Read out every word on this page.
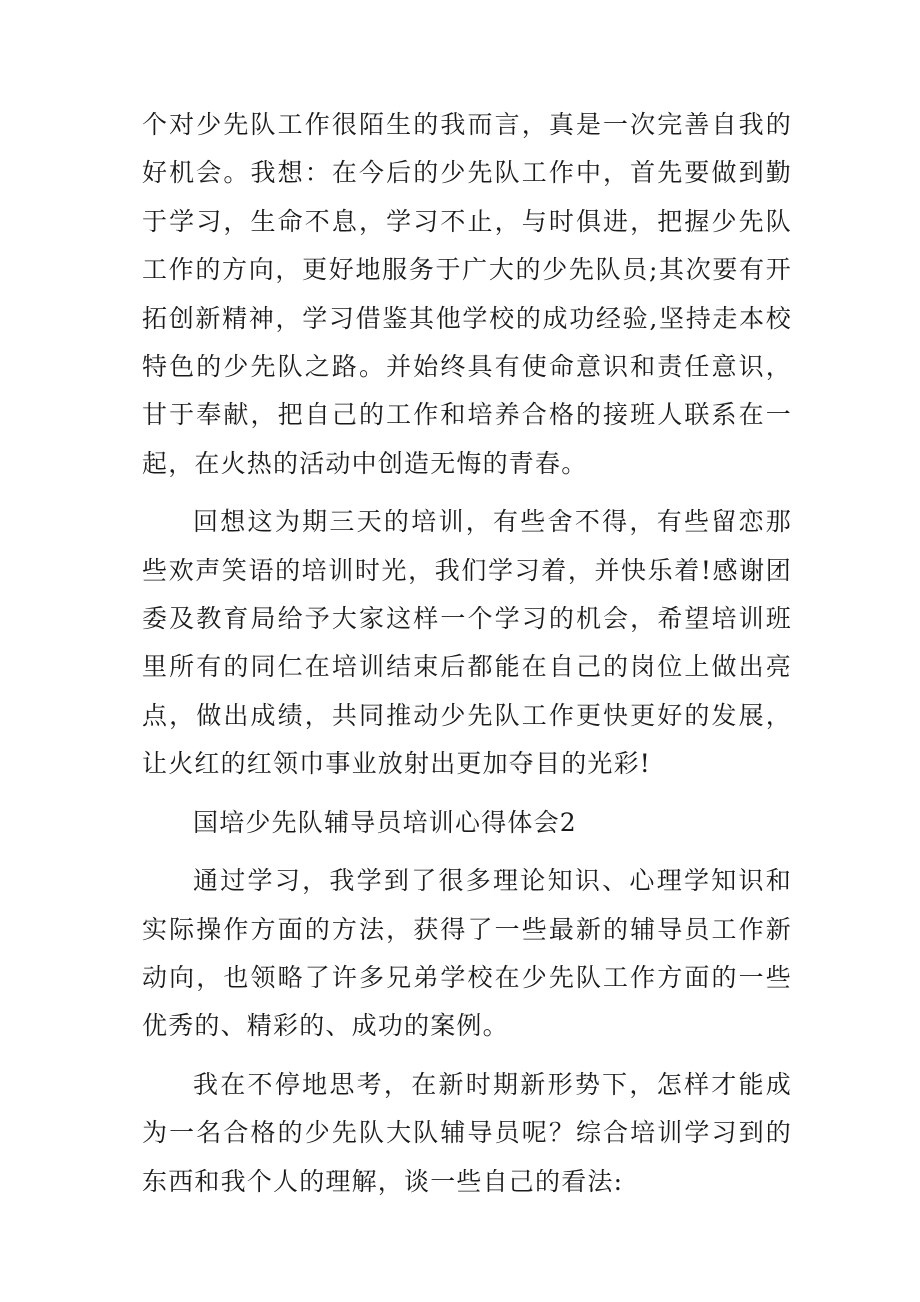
个对少先队工作很陌生的我而言，真是一次完善自我的好机会。我想：在今后的少先队工作中，首先要做到勤于学习，生命不息，学习不止，与时俱进，把握少先队工作的方向，更好地服务于广大的少先队员;其次要有开拓创新精神，学习借鉴其他学校的成功经验,坚持走本校特色的少先队之路。并始终具有使命意识和责任意识，甘于奉献，把自己的工作和培养合格的接班人联系在一起，在火热的活动中创造无悔的青春。

回想这为期三天的培训，有些舍不得，有些留恋那些欢声笑语的培训时光，我们学习着，并快乐着!感谢团委及教育局给予大家这样一个学习的机会，希望培训班里所有的同仁在培训结束后都能在自己的岗位上做出亮点，做出成绩，共同推动少先队工作更快更好的发展，让火红的红领巾事业放射出更加夺目的光彩!

国培少先队辅导员培训心得体会2

通过学习，我学到了很多理论知识、心理学知识和实际操作方面的方法，获得了一些最新的辅导员工作新动向，也领略了许多兄弟学校在少先队工作方面的一些优秀的、精彩的、成功的案例。

我在不停地思考，在新时期新形势下，怎样才能成为一名合格的少先队大队辅导员呢？综合培训学习到的东西和我个人的理解，谈一些自己的看法:
